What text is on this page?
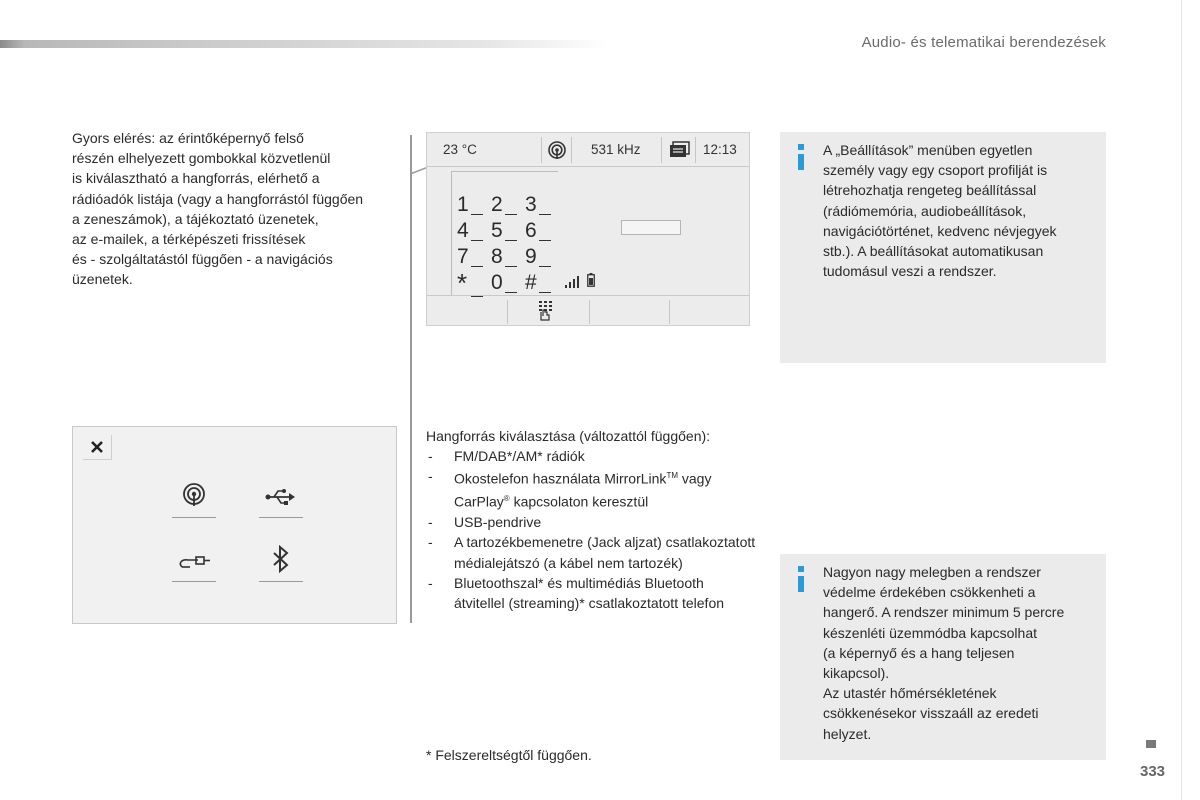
Audio- és telematikai berendezések

Gyors elérés: az érintőképernyő felső

részén elhelyezett gombokkal közvetlenül

is kiválasztható a hangforrás, elérhető a

rádióadók listája (vagy a hangforrástól függően

a zeneszámok), a tájékoztató üzenetek,

az e-mailek, a térképészeti frissítések

és - szolgáltatástól függően - a navigációs

üzenetek.

23 °C	531 kHz	12:13
1	2	3
4	5	6
7	8	9
*	0	#

Hangforrás kiválasztása (változattól függően):

- FM/DAB*/AM* rádiók
- Okostelefon használata MirrorLink™ vagy
CarPlay® kapcsolaton keresztül
- USB-pendrive
- A tartozékbemenetre (Jack aljzat) csatlakoztatott médialejátszó (a kábel nem tartozék)
- Bluetoothszal* és multimédiás Bluetooth átvitellel (streaming)* csatlakoztatott telefon
* Felszereltségtől függően.
A „Beállítások” menüben egyetlen
személy vagy egy csoport profilját is
létrehozhatja rengeteg beállítással
(rádiómemória, audiobeállítások,
navigációtörténet, kedvenc névjegyek
stb.). A beállításokat automatikusan
tudomásul veszi a rendszer.
Nagyon nagy melegben a rendszer
védelme érdekében csökkenheti a
hangerő. A rendszer minimum 5 percre
készenléti üzemmódba kapcsolhat
(a képernyő és a hang teljesen
kikapcsol).
Az utastér hőmérsékletének
csökkenésekor visszaáll az eredeti
helyzet.
333
